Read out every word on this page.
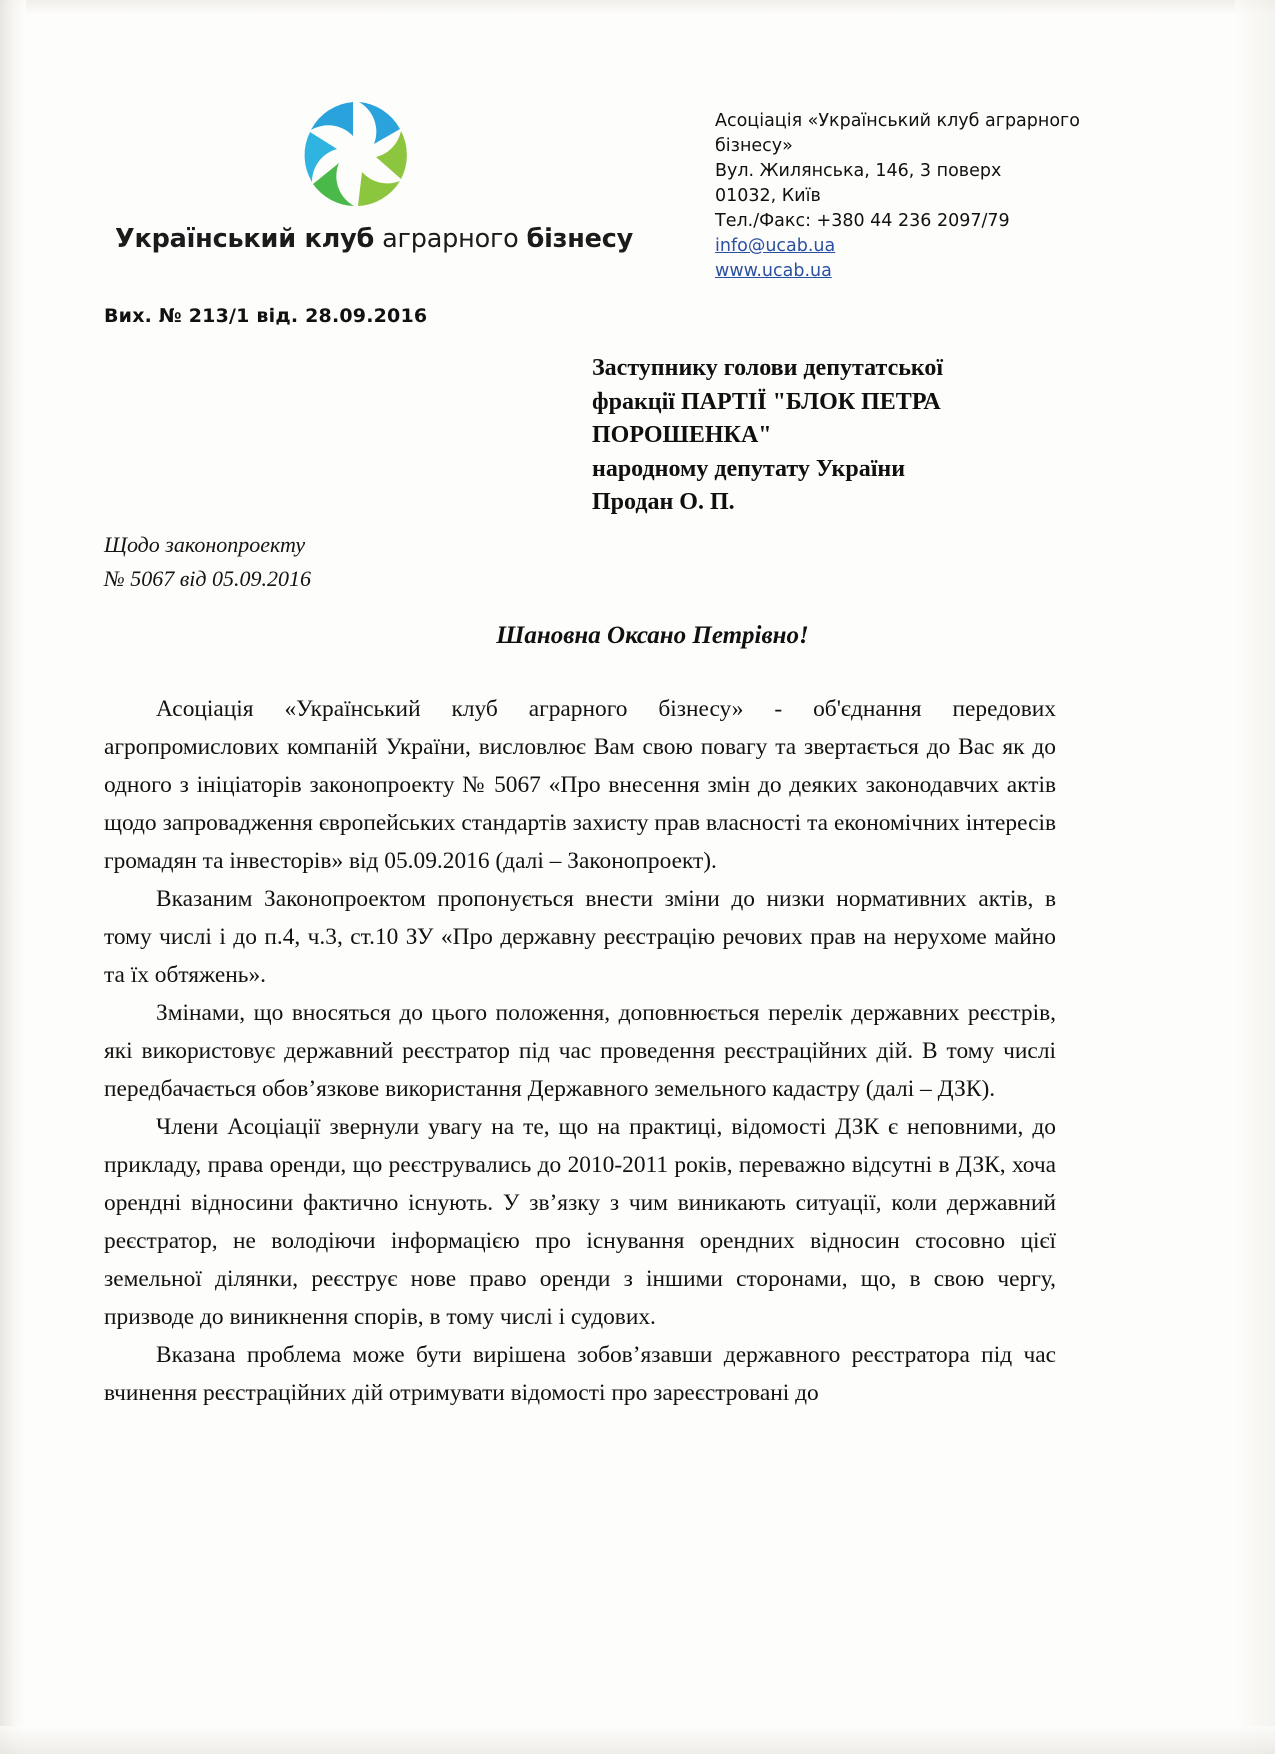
Український клуб аграрного бізнесу
Асоціація «Український клуб аграрного
бізнесу»
Вул. Жилянська, 146, 3 поверх
01032, Київ
Тел./Факс: +380 44 236 2097/79
info@ucab.ua
www.ucab.ua
Вих. № 213/1 від. 28.09.2016
Заступнику голови депутатської
фракції ПАРТІЇ "БЛОК ПЕТРА
ПОРОШЕНКА"
народному депутату України
Продан О. П.
Щодо законопроекту
№ 5067 від 05.09.2016
Шановна Оксано Петрівно!

Асоціація «Український клуб аграрного бізнесу» - об'єднання передових агропромислових компаній України, висловлює Вам свою повагу та звертається до Вас як до одного з ініціаторів законопроекту № 5067 «Про внесення змін до деяких законодавчих актів щодо запровадження європейських стандартів захисту прав власності та економічних інтересів громадян та інвесторів» від 05.09.2016 (далі – Законопроект).

Вказаним Законопроектом пропонується внести зміни до низки нормативних актів, в тому числі і до п.4, ч.3, ст.10 ЗУ «Про державну реєстрацію речових прав на нерухоме майно та їх обтяжень».

Змінами, що вносяться до цього положення, доповнюється перелік державних реєстрів, які використовує державний реєстратор під час проведення реєстраційних дій. В тому числі передбачається обов’язкове використання Державного земельного кадастру (далі – ДЗК).

Члени Асоціації звернули увагу на те, що на практиці, відомості ДЗК є неповними, до прикладу, права оренди, що реєструвались до 2010-2011 років, переважно відсутні в ДЗК, хоча орендні відносини фактично існують. У зв’язку з чим виникають ситуації, коли державний реєстратор, не володіючи інформацією про існування орендних відносин стосовно цієї земельної ділянки, реєструє нове право оренди з іншими сторонами, що, в свою чергу, призводе до виникнення спорів, в тому числі і судових.

Вказана проблема може бути вирішена зобов’язавши державного реєстратора під час вчинення реєстраційних дій отримувати відомості про зареєстровані до
